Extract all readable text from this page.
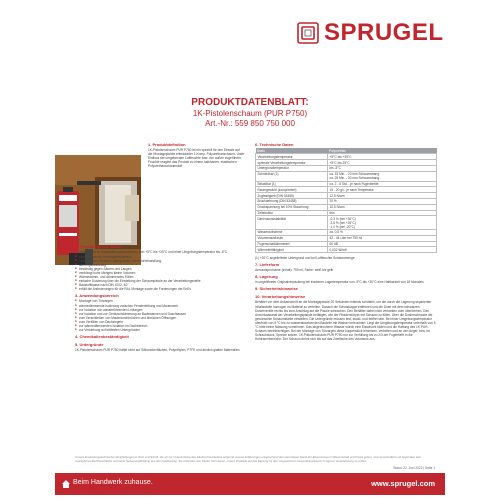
SPRUGEL
PRODUKTDATENBLATT:
1K-Pistolenschaum (PUR P750)
Art.-Nr.: 559 850 750 000
1. Produktdefinition

1K-Pistolenschaum PUR P750 ist ein speziell für den Einsatz auf der Montagepistole entwickelter 1-Komp. Polyurethanschaum. Unter Einfluss der umgebenden Luftfeuchte bzw. von außen zugeführter Feuchte reagiert das Produkt zu einem halbharten, elastischen Polyurethanschaumstoff.

2. Produkteigenschaften
■ verarbeitbar im Materialtemperaturbereich von +5°C bis +25°C und einer Umgebungstemperatur bis -5°C
■ einkomponentig, feuchtigkeitshärtend
■ haftet auf den meisten Untergründen ohne Vorbehandlung
■ alterungsbeständig
■ beständig gegen Säuren und Laugen
■ verdrängt hohe Mengen kleine Volumen
■ Wärmedämm- und dämmendes Füllen
■ einfache Dosierung über die Einstellung der Schaumpistole an der Verarbeitungsstelle
■ Baustoffklasse nach DIN 4102, B2
■ erfüllt die Anforderungen für die RAL Montage sowie die Forderungen der EnEv
3. Anwendungsbereich
■ Montage von Türzargen
■ wärmedämmende Isolierung zwischen Fensterleibung und Mauerwerk
■ zur Isolation von wasserführenden Leitungen
■ zur Isolation und zur Geräuschdämmung an Badewannen und Duschtassen
■ zum Verschließen von Mauerdurchbrüchen und ähnlichen Öffnungen
■ zum Verfüllen von Dachziegeln
■ zur wärmedämmenden Isolation im Dachbereich
■ zur Verklebung auf trittfesten Untergründen
4. Chemikalienbeständigkeit
5. Untergründe

1K-Pistolenschaum PUR P750 haftet nicht auf Silikonoberflächen, Polyethylen, PTFE und ähnlich glatten Materialien.

6. Technische Daten
Basis	Polyurethan
Verarbeitungstemperatur	+5°C bis +35°C
optimale Verarbeitungstemperatur	+5°C bis 25°C
Untergrundtemperatur	bis -5°C
Schneidbar (1)	ca. 15 Min. - 20 mm Schaumstrang
ca. 25 Min. - 30 mm Schaumstrang
Belastbar (1)	ca. 2 - 6 Std. - je nach Fugenbreite
Raumgewicht (komprimiert)	15 - 20 g/l - je nach Temperatur
Zugfestigkeit (DIN 53455)	12,5 N/cm²
Bruchdehnung (DIN 53455)	20 %
Druckspannung bei 10% Stauchung	10,5 N/cm²
Zellstruktur	fein
Dimensionsstabilität	-0,3 % (bei +30°C)
-3,5 % (bei +25°C)
-1,0 % (bei -20°C)
Wasseraufnahme	ca. 0,5 %
Volumenausbeute	42 - 44 Liter bei 750 ml
Fugenschalldämmwert	60 dB
Wärmeleitfähigkeit	0,032 W/mK

(1) +20°C angelieferter Untergrund und bei Luftfeuchte Schaummenge

7. Lieferform

Aerosolspruhdose (Inhalt): 750 ml, Farbe: weiß bis gelb

8. Lagerung

In ungeöffneter Originalverpackung bei trockener Lagertemperatur von -5°C bis +30°C eine Haltbarkeit von 18 Monaten.

9. Sicherheitshinweise
10. Verarbeitungshinweise

Behälter vor dem Anbauschritt an die Montagepistole 20 Sekunden intensiv schütteln, um die durch die Lagerung separierten Inhaltsstoffe homogen im Material zu verteilen. Danach die Schutzkappe entfernen und die Dose mit dem schwarzen Dosierventile rechts bis zum Anschlag auf die Pistole schrauben. Den Behälter dabei nicht verkanten oder überdrehen. Den Anschlusskanal der Verarbeitungspistole betätigen, wie der Pistolenkörper mit Schaum zu füllen. Über die Dosierschraube die gewünschte Schaumstärke einstellen. Die Untergründe müssen fest, staub- und fettfrei sein. Bei einer Umgebungstemperatur oberhalb von 5 °C bis zu wasserabweisenden Bauteile mit Wasser befeuchten. Liegt die Umgebungstemperatur unterhalb von 5 °C bitte keine Nässung vornehmen. Das abgebrochene Wasser würde eine Eisschicht bilden und die Haftung des 1K PUR-Schaum beeinträchtigen. Bei der Montage von Türzargen diese küpperstück einsetzen, verkeilen und an den Anger, bzw. im Schraubstock, Spreize setzen. 1K-Pistolenschaum PUR P750 nur zur Verfüllung bis zu 2/3 der Fugentiefe in die Hohlraumbereiche. Der Schaum dehnt sich bis auf das Zweifache des Volumens aus.

Unsere anwendungstechnischen Empfehlungen in Wort und Schrift, die wir zur Unterstützung des Käufers/Verarbeiters aufgrund unserer Erfahrungen entsprechend dem derzeitigen Stand der Erkenntnisse in Wissenschaft und Praxis geben, sind unverbindlich und begründen kein vertragliches Rechtsverhältnis und keine Nebenverpflichtung aus dem Kaufvertrag. Sie entbinden den Käufer nicht davon, unsere Produkte auf ihre Eignung für den vorgesehenen Verwendungszweck in eigener Verantwortung zu prüfen.
Stand: 22. Juni 2022 | Seite 1
Beim Handwerk zuhause.	www.sprugel.com
